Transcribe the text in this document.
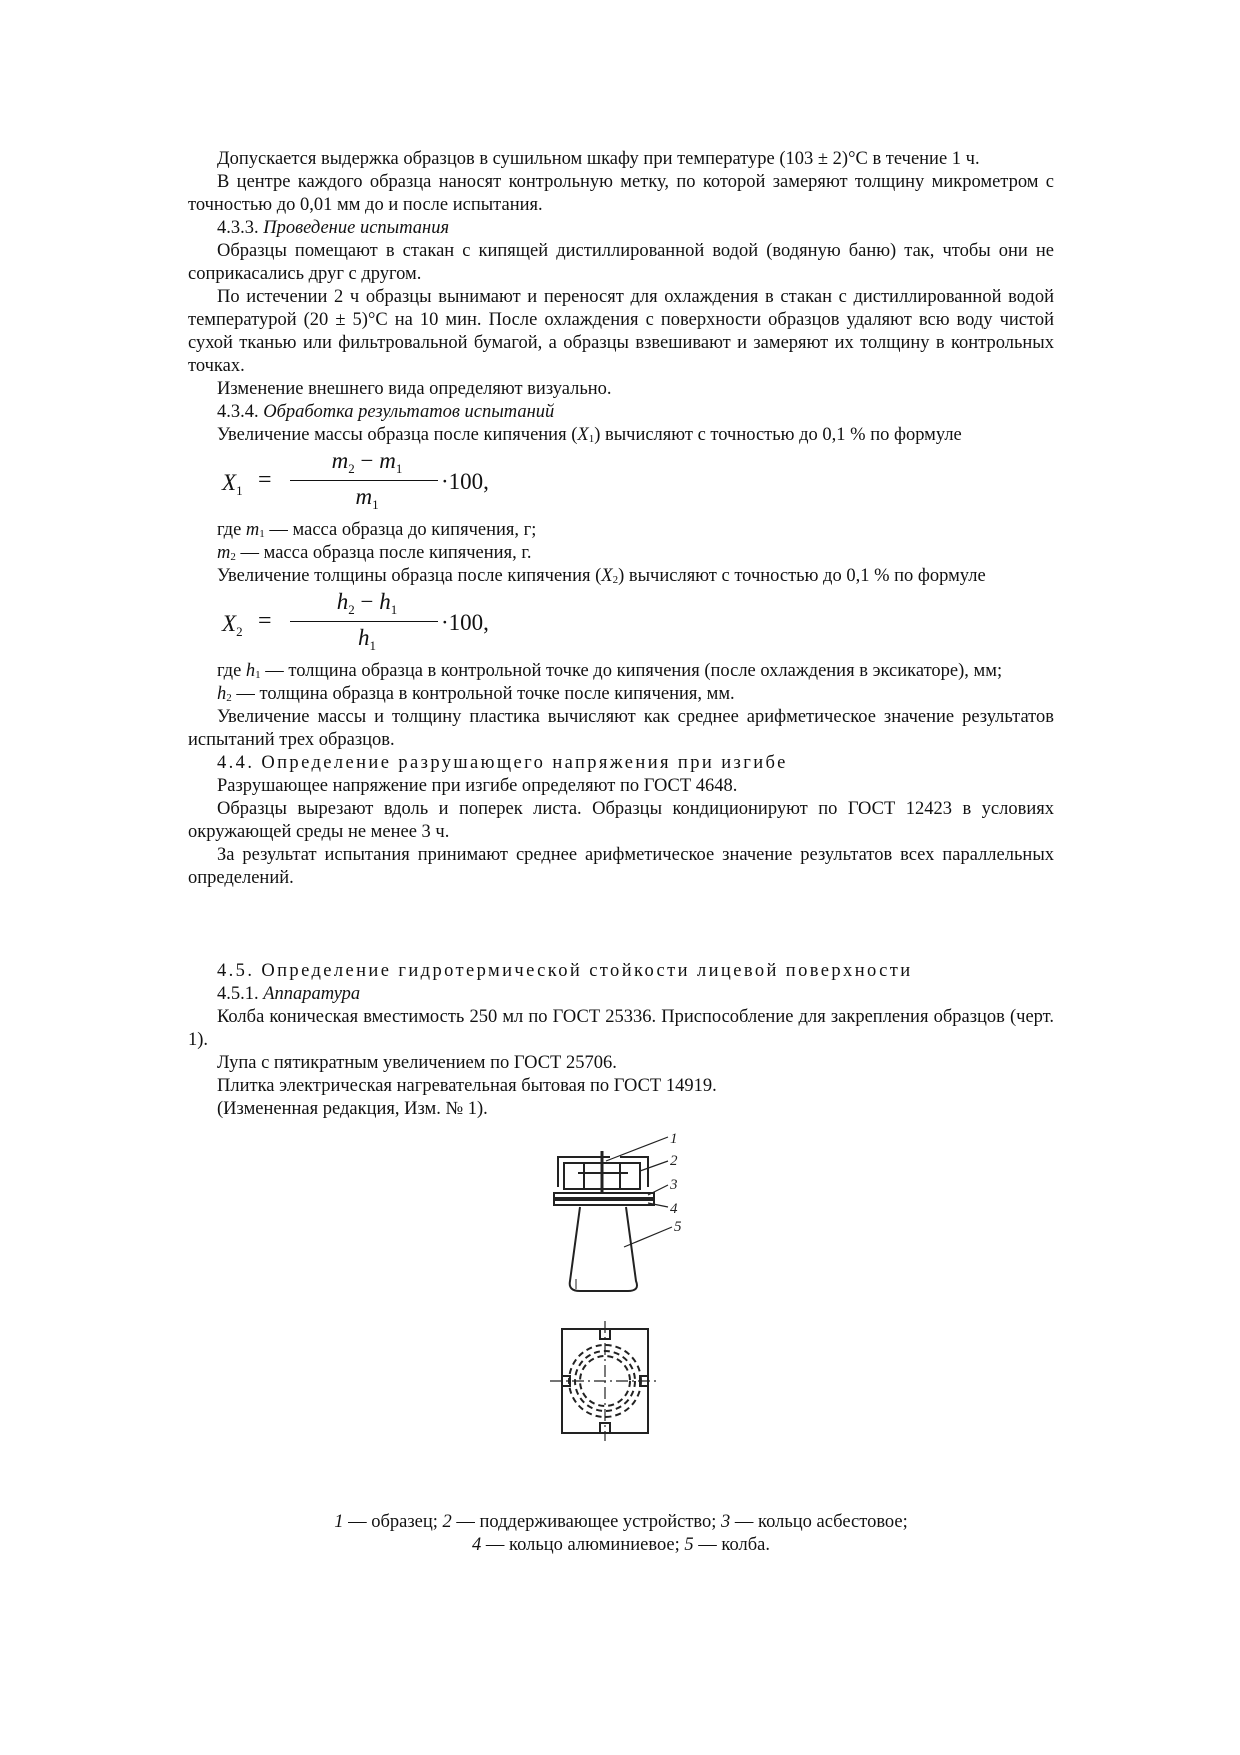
Допускается выдержка образцов в сушильном шкафу при температуре (103 ± 2)°С в течение 1 ч.

В центре каждого образца наносят контрольную метку, по которой замеряют толщину микрометром с точностью до 0,01 мм до и после испытания.

4.3.3. Проведение испытания

Образцы помещают в стакан с кипящей дистиллированной водой (водяную баню) так, чтобы они не соприкасались друг с другом.

По истечении 2 ч образцы вынимают и переносят для охлаждения в стакан с дистиллированной водой температурой (20 ± 5)°С на 10 мин. После охлаждения с поверхности образцов удаляют всю воду чистой сухой тканью или фильтровальной бумагой, а образцы взвешивают и замеряют их толщину в контрольных точках.

Изменение внешнего вида определяют визуально.

4.3.4. Обработка результатов испытаний

Увеличение массы образца после кипячения $(X_1)$ вычисляют с точностью до 0,1 % по формуле

$X_1$ =
$m_2 - m_1$
$m_1$
·100,

где $m_1$ — масса образца до кипячения, г;

$m_2$ — масса образца после кипячения, г.

Увеличение толщины образца после кипячения $(X_2)$ вычисляют с точностью до 0,1 % по формуле

$X_2$ =
$h_2 - h_1$
$h_1$
·100,

где $h_1$ — толщина образца в контрольной точке до кипячения (после охлаждения в эксикаторе), мм;

$h_2$ — толщина образца в контрольной точке после кипячения, мм.

Увеличение массы и толщину пластика вычисляют как среднее арифметическое значение результатов испытаний трех образцов.

4.4. Определение разрушающего напряжения при изгибе

Разрушающее напряжение при изгибе определяют по ГОСТ 4648.

Образцы вырезают вдоль и поперек листа. Образцы кондиционируют по ГОСТ 12423 в условиях окружающей среды не менее 3 ч.

За результат испытания принимают среднее арифметическое значение результатов всех параллельных определений.

4.5. Определение гидротермической стойкости лицевой поверхности

4.5.1. Аппаратура

Колба коническая вместимость 250 мл по ГОСТ 25336. Приспособление для закрепления образцов (черт. 1).

Лупа с пятикратным увеличением по ГОСТ 25706.

Плитка электрическая нагревательная бытовая по ГОСТ 14919.

(Измененная редакция, Изм. № 1).

1
2
3
4
5

1 — образец; 2 — поддерживающее устройство; 3 — кольцо асбестовое;

4 — кольцо алюминиевое; 5 — колба.
